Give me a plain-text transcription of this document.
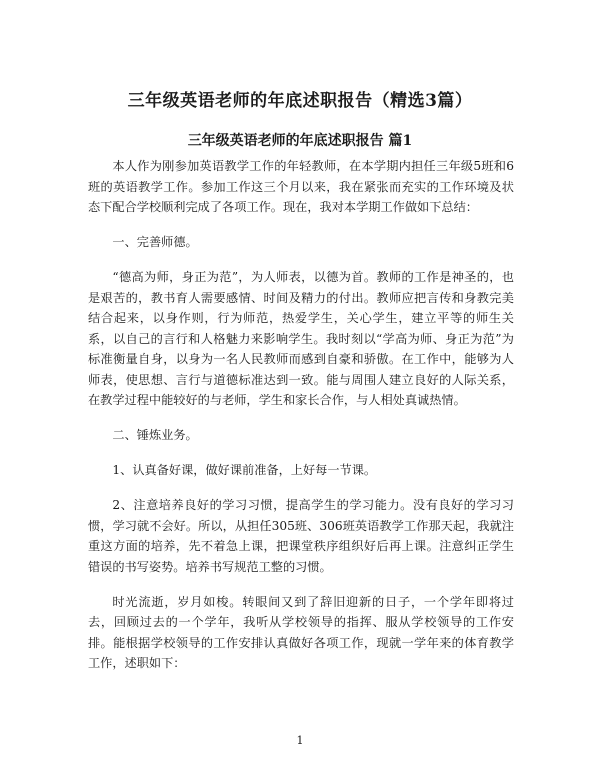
三年级英语老师的年底述职报告（精选3篇）
三年级英语老师的年底述职报告 篇1

本人作为刚参加英语教学工作的年轻教师，在本学期内担任三年级5班和6班的英语教学工作。参加工作这三个月以来，我在紧张而充实的工作环境及状态下配合学校顺利完成了各项工作。现在，我对本学期工作做如下总结：

一、完善师德。

“德高为师，身正为范”，为人师表，以德为首。教师的工作是神圣的，也是艰苦的，教书育人需要感情、时间及精力的付出。教师应把言传和身教完美结合起来，以身作则，行为师范，热爱学生，关心学生，建立平等的师生关系，以自己的言行和人格魅力来影响学生。我时刻以“学高为师、身正为范”为标准衡量自身，以身为一名人民教师而感到自豪和骄傲。在工作中，能够为人师表，使思想、言行与道德标准达到一致。能与周围人建立良好的人际关系，在教学过程中能较好的与老师，学生和家长合作，与人相处真诚热情。

二、锤炼业务。

1、认真备好课，做好课前准备，上好每一节课。

2、注意培养良好的学习习惯，提高学生的学习能力。没有良好的学习习惯，学习就不会好。所以，从担任305班、306班英语教学工作那天起，我就注重这方面的培养，先不着急上课，把课堂秩序组织好后再上课。注意纠正学生错误的书写姿势。培养书写规范工整的习惯。

时光流逝，岁月如梭。转眼间又到了辞旧迎新的日子，一个学年即将过去，回顾过去的一个学年，我听从学校领导的指挥、服从学校领导的工作安排。能根据学校领导的工作安排认真做好各项工作，现就一学年来的体育教学工作，述职如下：

1
